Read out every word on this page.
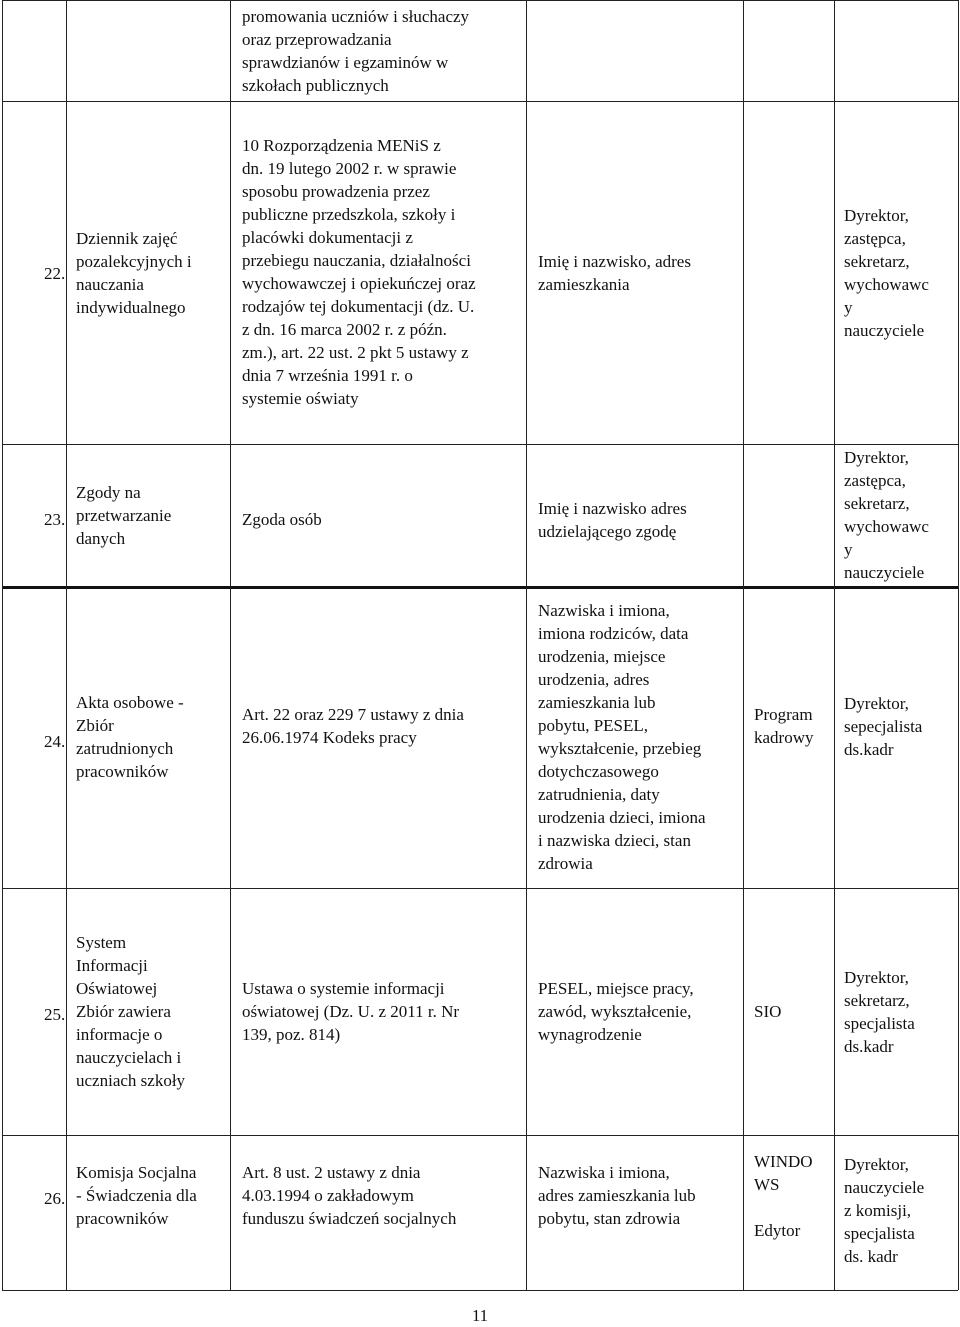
promowania uczniów i słuchaczy
oraz przeprowadzania
sprawdzianów i egzaminów w
szkołach publicznych
22.
Dziennik zajęć
pozalekcyjnych i
nauczania
indywidualnego
10 Rozporządzenia MENiS z
dn. 19 lutego 2002 r. w sprawie
sposobu prowadzenia przez
publiczne przedszkola, szkoły i
placówki dokumentacji z
przebiegu nauczania, działalności
wychowawczej i opiekuńczej oraz
rodzajów tej dokumentacji (dz. U.
z dn. 16 marca 2002 r. z późn.
zm.), art. 22 ust. 2 pkt 5 ustawy z
dnia 7 września 1991 r. o
systemie oświaty
Imię i nazwisko, adres
zamieszkania
Dyrektor,
zastępca,
sekretarz,
wychowawc
y
nauczyciele
23.
Zgody na
przetwarzanie
danych
Zgoda osób
Imię i nazwisko adres
udzielającego zgodę
Dyrektor,
zastępca,
sekretarz,
wychowawc
y
nauczyciele
24.
Akta osobowe -
Zbiór
zatrudnionych
pracowników
Art. 22 oraz 229 7 ustawy z dnia
26.06.1974 Kodeks pracy
Nazwiska i imiona,
imiona rodziców, data
urodzenia, miejsce
urodzenia, adres
zamieszkania lub
pobytu, PESEL,
wykształcenie, przebieg
dotychczasowego
zatrudnienia, daty
urodzenia dzieci, imiona
i nazwiska dzieci, stan
zdrowia
Program
kadrowy
Dyrektor,
sepecjalista
ds.kadr
25.
System
Informacji
Oświatowej
Zbiór zawiera
informacje o
nauczycielach i
uczniach szkoły
Ustawa o systemie informacji
oświatowej (Dz. U. z 2011 r. Nr
139, poz. 814)
PESEL, miejsce pracy,
zawód, wykształcenie,
wynagrodzenie
SIO
Dyrektor,
sekretarz,
specjalista
ds.kadr
26.
Komisja Socjalna
- Świadczenia dla
pracowników
Art. 8 ust. 2 ustawy z dnia
4.03.1994 o zakładowym
funduszu świadczeń socjalnych
Nazwiska i imiona,
adres zamieszkania lub
pobytu, stan zdrowia
WINDO
WS

Edytor
Dyrektor,
nauczyciele
z komisji,
specjalista
ds. kadr
11
